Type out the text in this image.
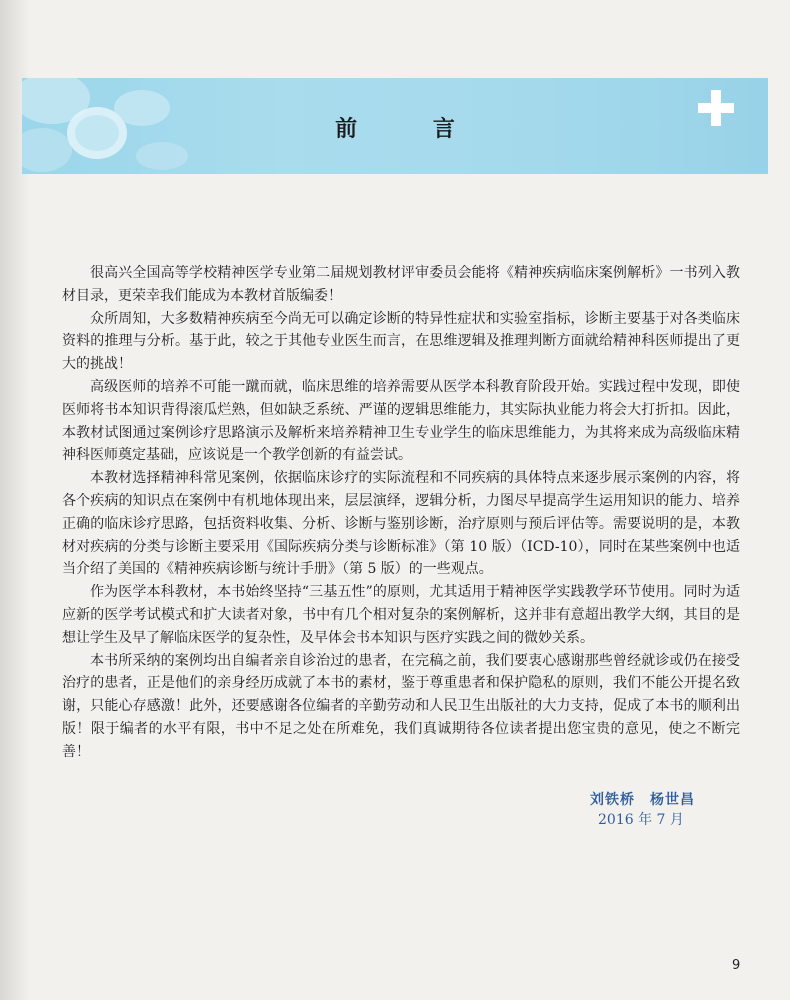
前 言

很高兴全国高等学校精神医学专业第二届规划教材评审委员会能将《精神疾病临床案例解析》一书列入教材目录，更荣幸我们能成为本教材首版编委！

众所周知，大多数精神疾病至今尚无可以确定诊断的特异性症状和实验室指标，诊断主要基于对各类临床资料的推理与分析。基于此，较之于其他专业医生而言，在思维逻辑及推理判断方面就给精神科医师提出了更大的挑战！

高级医师的培养不可能一蹴而就，临床思维的培养需要从医学本科教育阶段开始。实践过程中发现，即使医师将书本知识背得滚瓜烂熟，但如缺乏系统、严谨的逻辑思维能力，其实际执业能力将会大打折扣。因此，本教材试图通过案例诊疗思路演示及解析来培养精神卫生专业学生的临床思维能力，为其将来成为高级临床精神科医师奠定基础，应该说是一个教学创新的有益尝试。

本教材选择精神科常见案例，依据临床诊疗的实际流程和不同疾病的具体特点来逐步展示案例的内容，将各个疾病的知识点在案例中有机地体现出来，层层演绎，逻辑分析，力图尽早提高学生运用知识的能力、培养正确的临床诊疗思路，包括资料收集、分析、诊断与鉴别诊断，治疗原则与预后评估等。需要说明的是，本教材对疾病的分类与诊断主要采用《国际疾病分类与诊断标准》（第 10 版）（ICD-10），同时在某些案例中也适当介绍了美国的《精神疾病诊断与统计手册》（第 5 版）的一些观点。

作为医学本科教材，本书始终坚持“三基五性”的原则，尤其适用于精神医学实践教学环节使用。同时为适应新的医学考试模式和扩大读者对象，书中有几个相对复杂的案例解析，这并非有意超出教学大纲，其目的是想让学生及早了解临床医学的复杂性，及早体会书本知识与医疗实践之间的微妙关系。

本书所采纳的案例均出自编者亲自诊治过的患者，在完稿之前，我们要衷心感谢那些曾经就诊或仍在接受治疗的患者，正是他们的亲身经历成就了本书的素材，鉴于尊重患者和保护隐私的原则，我们不能公开提名致谢，只能心存感激！此外，还要感谢各位编者的辛勤劳动和人民卫生出版社的大力支持，促成了本书的顺利出版！限于编者的水平有限，书中不足之处在所难免，我们真诚期待各位读者提出您宝贵的意见，使之不断完善！

刘铁桥　杨世昌
2016 年 7 月
9
